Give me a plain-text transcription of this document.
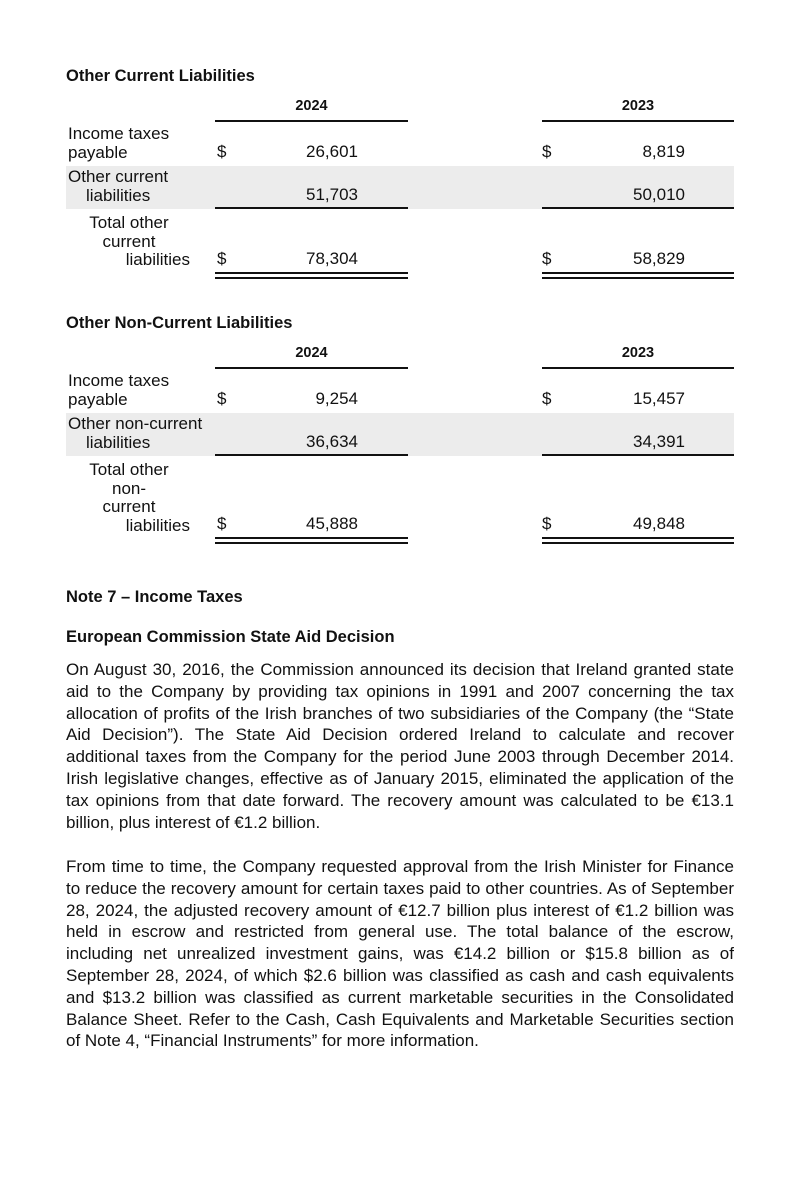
Other Current Liabilities
2024	2023
Income taxes
payable	$	26,601	$	8,819
Other current
liabilities	51,703	50,010
Total other
current
liabilities $	78,304	$	58,829
Other Non-Current Liabilities
2024	2023
Income taxes
payable	$	9,254	$	15,457
Other non-current
liabilities	36,634	34,391
Total other
non-
current
liabilities $	45,888	$	49,848
Note 7 – Income Taxes
European Commission State Aid Decision

On August 30, 2016, the Commission announced its decision that Ireland granted state aid to the Company by providing tax opinions in 1991 and 2007 concerning the tax allocation of profits of the Irish branches of two subsidiaries of the Company (the “State Aid Decision”). The State Aid Decision ordered Ireland to calculate and recover additional taxes from the Company for the period June 2003 through December 2014. Irish legislative changes, effective as of January 2015, eliminated the application of the tax opinions from that date forward. The recovery amount was calculated to be €13.1 billion, plus interest of €1.2 billion.

From time to time, the Company requested approval from the Irish Minister for Finance to reduce the recovery amount for certain taxes paid to other countries. As of September 28, 2024, the adjusted recovery amount of €12.7 billion plus interest of €1.2 billion was held in escrow and restricted from general use. The total balance of the escrow, including net unrealized investment gains, was €14.2 billion or $15.8 billion as of September 28, 2024, of which $2.6 billion was classified as cash and cash equivalents and $13.2 billion was classified as current marketable securities in the Consolidated Balance Sheet. Refer to the Cash, Cash Equivalents and Marketable Securities section of Note 4, “Financial Instruments” for more information.
